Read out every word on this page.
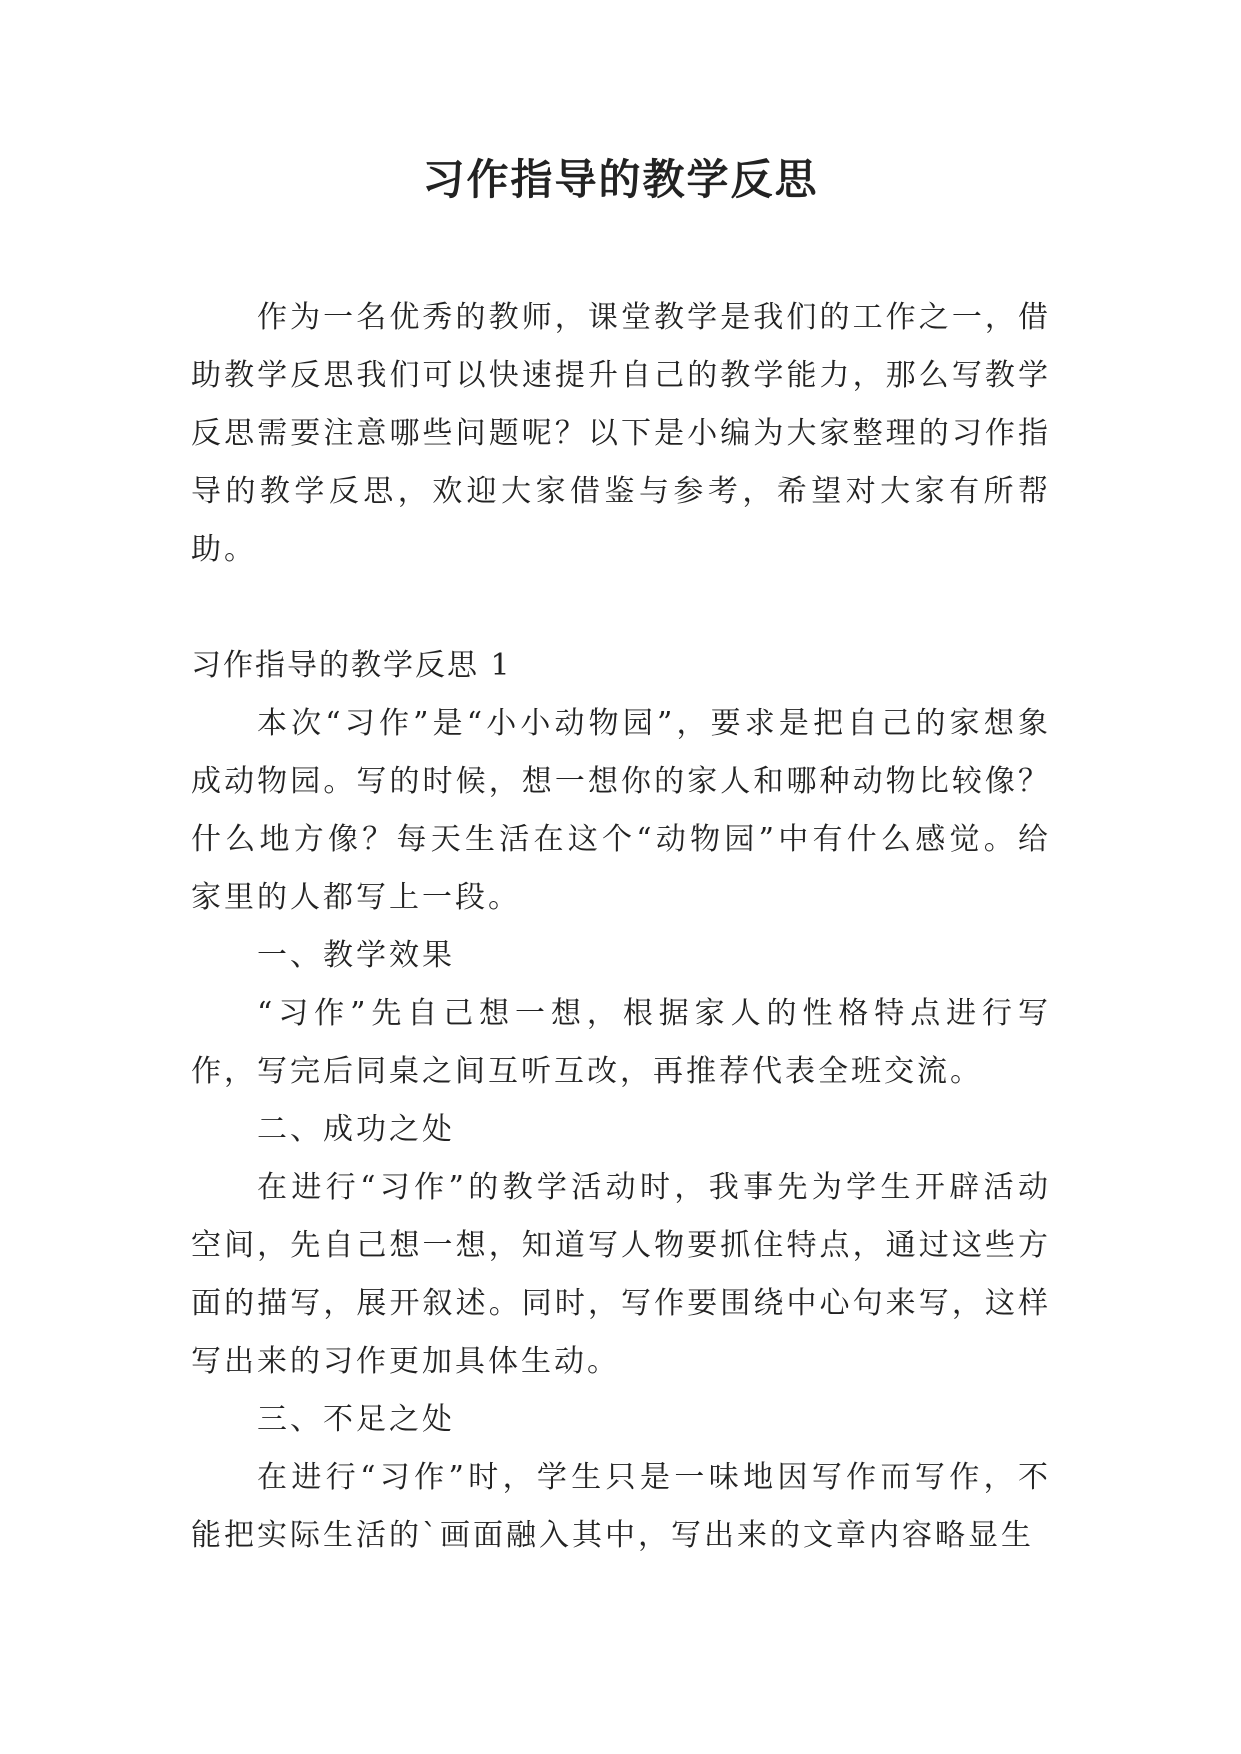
习作指导的教学反思

作为一名优秀的教师，课堂教学是我们的工作之一，借助教学反思我们可以快速提升自己的教学能力，那么写教学反思需要注意哪些问题呢？以下是小编为大家整理的习作指导的教学反思，欢迎大家借鉴与参考，希望对大家有所帮助。

习作指导的教学反思 1

本次“习作”是“小小动物园”，要求是把自己的家想象成动物园。写的时候，想一想你的家人和哪种动物比较像？什么地方像？每天生活在这个“动物园”中有什么感觉。给家里的人都写上一段。

一、教学效果

“习作”先自己想一想，根据家人的性格特点进行写作，写完后同桌之间互听互改，再推荐代表全班交流。

二、成功之处

在进行“习作”的教学活动时，我事先为学生开辟活动空间，先自己想一想，知道写人物要抓住特点，通过这些方面的描写，展开叙述。同时，写作要围绕中心句来写，这样写出来的习作更加具体生动。

三、不足之处

在进行“习作”时，学生只是一味地因写作而写作，不能把实际生活的`画面融入其中，写出来的文章内容略显生
